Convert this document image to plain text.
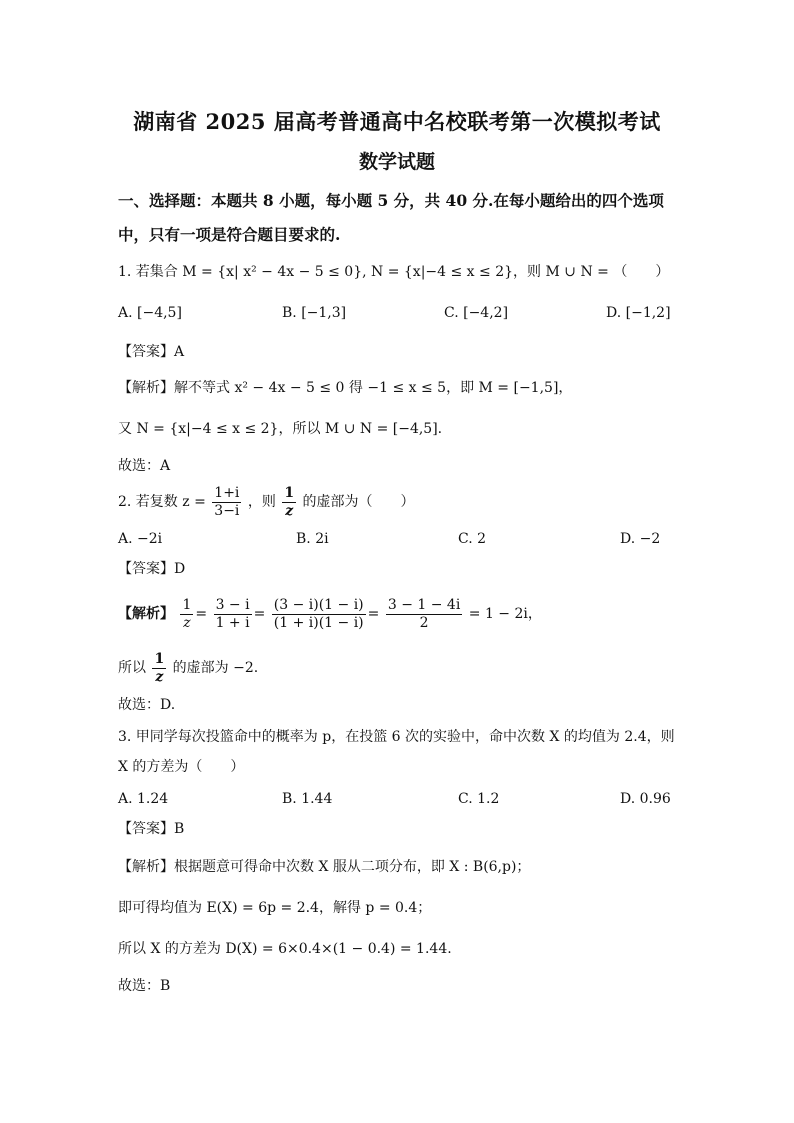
湖南省 2025 届高考普通高中名校联考第一次模拟考试
数学试题
一、选择题：本题共 8 小题，每小题 5 分，共 40 分.在每小题给出的四个选项
中，只有一项是符合题目要求的.
1. 若集合 M = {x| x² − 4x − 5 ≤ 0}, N = {x|−4 ≤ x ≤ 2}，则 M ∪ N = （　　）
A. [−4,5]	B. [−1,3]	C. [−4,2]	D. [−1,2]
【答案】A
【解析】解不等式 x² − 4x − 5 ≤ 0 得 −1 ≤ x ≤ 5，即 M = [−1,5]，
又 N = {x|−4 ≤ x ≤ 2}，所以 M ∪ N = [−4,5].
故选：A
2. 若复数 $z = \frac{1+i}{3-i}$ ，则 $\frac{1}{z}$ 的虚部为（　　）
A. −2i	B. 2i	C. 2	D. −2
【答案】D
【解析】 $\frac{1}{z} = \frac{3 - i}{1 + i} = \frac{(3 - i)(1 - i)}{(1 + i)(1 - i)} = \frac{3 - 1 - 4i}{2} = 1 - 2i$，
所以 $\frac{1}{z}$ 的虚部为 −2.
故选：D.
3. 甲同学每次投篮命中的概率为 p，在投篮 6 次的实验中，命中次数 X 的均值为 2.4，则
X 的方差为（　　）
A. 1.24	B. 1.44	C. 1.2	D. 0.96
【答案】B
【解析】根据题意可得命中次数 X 服从二项分布，即 X : B(6,p)；
即可得均值为 E(X) = 6p = 2.4，解得 p = 0.4；
所以 X 的方差为 D(X) = 6×0.4×(1 − 0.4) = 1.44.
故选：B
